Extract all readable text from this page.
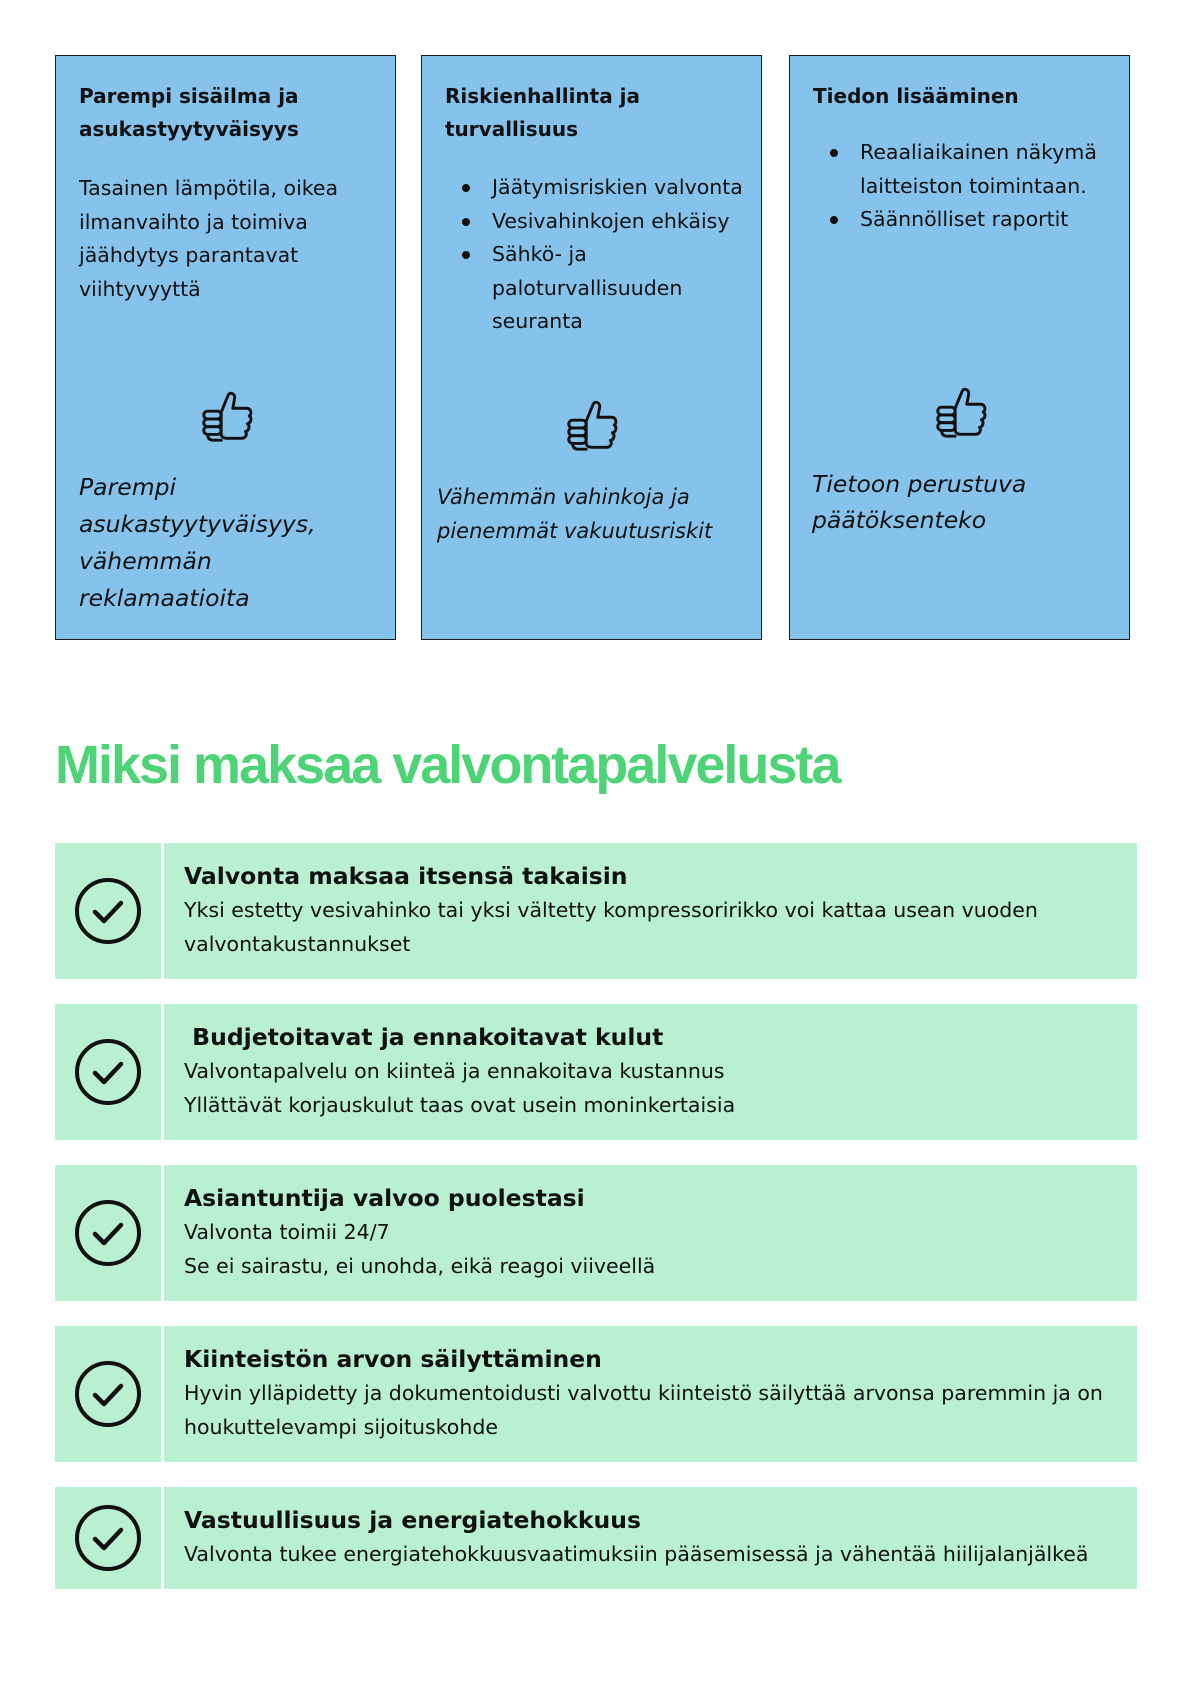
Parempi sisäilma ja asukastyytyväisyys

Tasainen lämpötila, oikea ilmanvaihto ja toimiva jäähdytys parantavat viihtyvyyttä

Parempi asukastyytyväisyys, vähemmän reklamaatioita

Riskienhallinta ja turvallisuus
Jäätymisriskien valvonta
Vesivahinkojen ehkäisy
Sähkö- ja paloturvallisuuden seuranta

Vähemmän vahinkoja ja pienemmät vakuutusriskit

Tiedon lisääminen
Reaaliaikainen näkymä laitteiston toimintaan.
Säännölliset raportit

Tietoon perustuva päätöksenteko

Miksi maksaa valvontapalvelusta
Valvonta maksaa itsensä takaisin

Yksi estetty vesivahinko tai yksi vältetty kompressoririkko voi kattaa usean vuoden valvontakustannukset

Budjetoitavat ja ennakoitavat kulut

Valvontapalvelu on kiinteä ja ennakoitava kustannus
Yllättävät korjauskulut taas ovat usein moninkertaisia

Asiantuntija valvoo puolestasi

Valvonta toimii 24/7
Se ei sairastu, ei unohda, eikä reagoi viiveellä

Kiinteistön arvon säilyttäminen

Hyvin ylläpidetty ja dokumentoidusti valvottu kiinteistö säilyttää arvonsa paremmin ja on houkuttelevampi sijoituskohde

Vastuullisuus ja energiatehokkuus

Valvonta tukee energiatehokkuusvaatimuksiin pääsemisessä ja vähentää hiilijalanjälkeä
